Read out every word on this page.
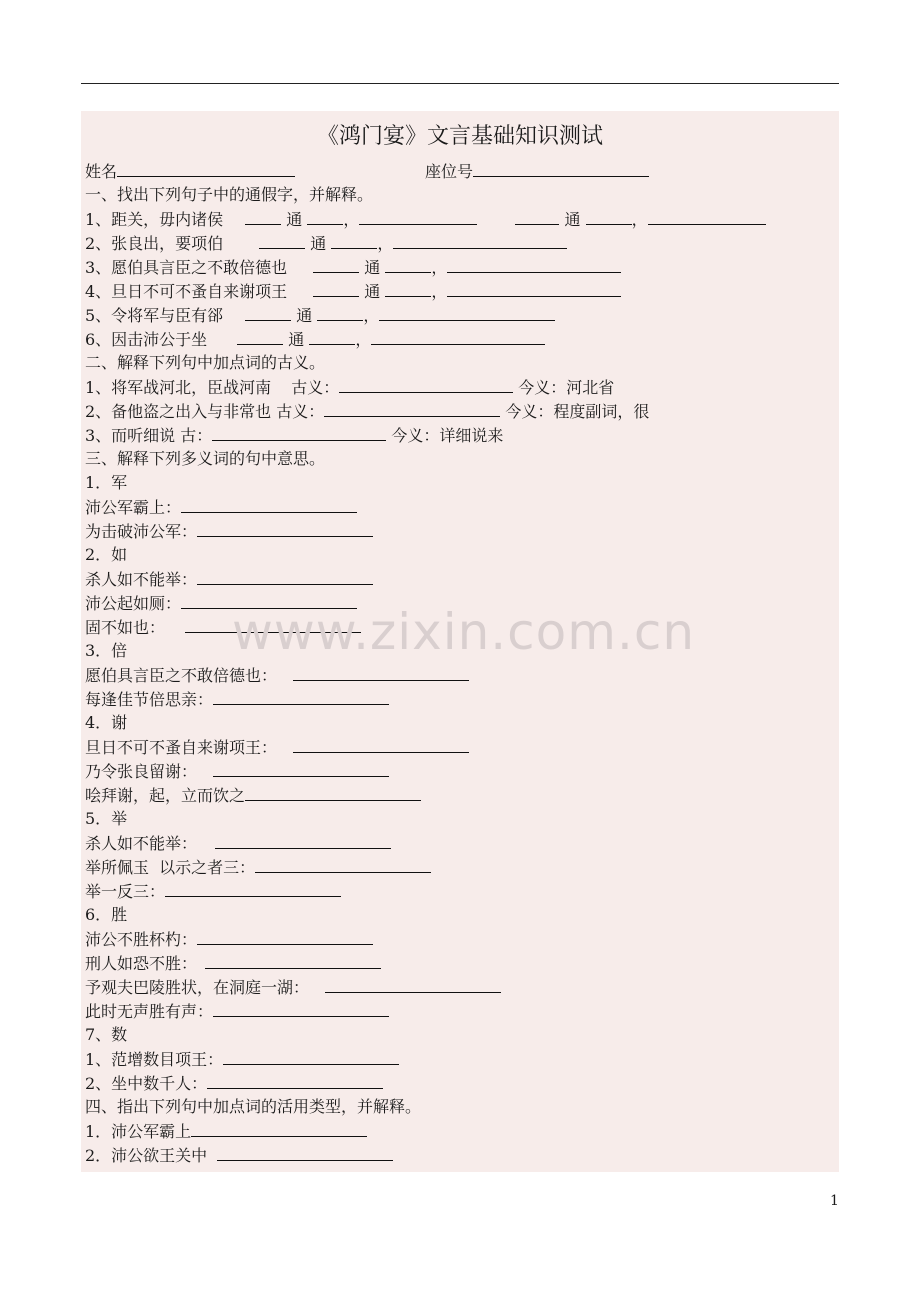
《鸿门宴》文言基础知识测试
姓名	座位号
一、找出下列句子中的通假字，并解释。
1、距关，毋内诸侯	通	，	通	，
2、张良出，要项伯	通	，
3、愿伯具言臣之不敢倍德也	通	，
4、旦日不可不蚤自来谢项王	通	，
5、令将军与臣有郤	通	，
6、因击沛公于坐	通	，
二、解释下列句中加点词的古义。
1、将军战河北，臣战河南 古义：	今义：河北省
2、备他盗之出入与非常也 古义：	今义：程度副词，很
3、而听细说 古：	今义：详细说来
三、解释下列多义词的句中意思。
1．军
沛公军霸上：
为击破沛公军：
2．如
杀人如不能举：
沛公起如厕：
固不如也：
3．倍
愿伯具言臣之不敢倍德也：
每逢佳节倍思亲：
4．谢
旦日不可不蚤自来谢项王：
乃令张良留谢：
哙拜谢，起，立而饮之
5．举
杀人如不能举：
举所佩玉  以示之者三：
举一反三：
6．胜
沛公不胜杯杓：
刑人如恐不胜：
予观夫巴陵胜状，在洞庭一湖：
此时无声胜有声：
7、数
1、范增数目项王：
2、坐中数千人：
四、指出下列句中加点词的活用类型，并解释。
1．沛公军霸上
2．沛公欲王关中
www.zixin.com.cn
1
